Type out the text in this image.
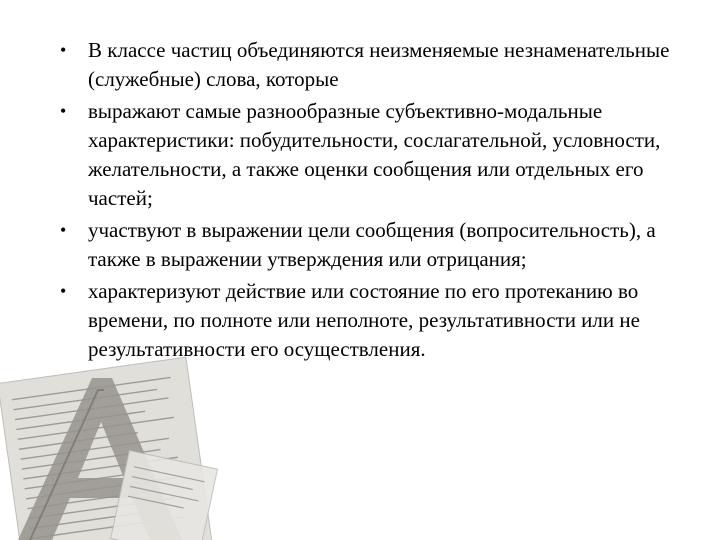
• В классе частиц объединяются неизменяемые незнаменательные (служебные) слова, которые
• выражают самые разнообразные субъективно-модальные характеристики: побудительности, сослагательной, условности, желательности, а также оценки сообщения или отдельных его частей;
• участвуют в выражении цели сообщения (вопросительность), а также в выражении утверждения или отрицания;
• характеризуют действие или состояние по его протеканию во времени, по полноте или неполноте, результативности или не результативности его осуществления.
